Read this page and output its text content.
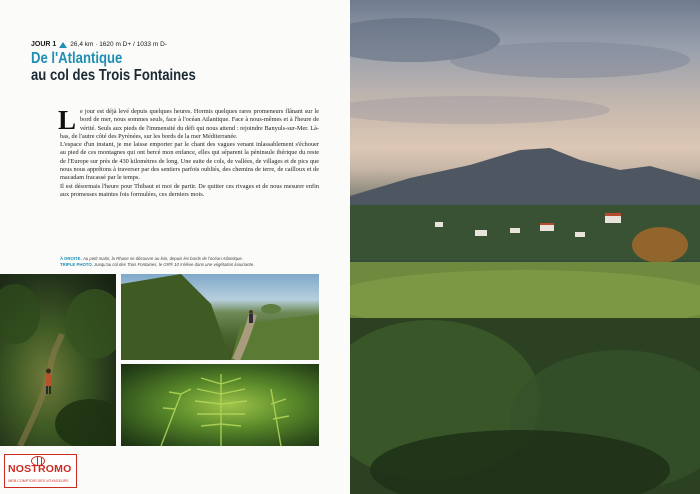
JOUR 1 26,4 km · 1620 m D+ / 1033 m D-
De l'Atlantique
au col des Trois Fontaines
L e jour est déjà levé depuis quelques heures. Hormis quelques rares promeneurs flânant sur le bord de mer, nous sommes seuls, face à l'océan Atlantique. Face à nous-mêmes et à l'heure de vérité. Seuls aux pieds de l'immensité du défi qui nous attend : rejoindre Banyuls-sur-Mer. Là-bas, de l'autre côté des Pyrénées, sur les bords de la mer Méditerranée.

L'espace d'un instant, je me laisse emporter par le chant des vagues venant inlassablement s'échouer au pied de ces montagnes qui ont bercé mon enfance, elles qui séparent la péninsule ibérique du reste de l'Europe sur près de 430 kilomètres de long. Une suite de cols, de vallées, de villages et de pics que nous nous apprêtons à traverser par des sentiers parfois oubliés, des chemins de terre, de cailloux et de macadam fracassé par le temps.

Il est désormais l'heure pour Thibaut et moi de partir. De quitter ces rivages et de nous mesurer enfin aux promesses maintes fois formulées, ces derniers mois.

À DROITE. Au petit matin, la Rhune se découvre au loin, depuis les bords de l'océan Atlantique.
TRIPLE PHOTO. Jusqu'au col des Trois Fontaines, le GR® 10 s'élève dans une végétation luxuriante.
NOSTROMO
WEB-COMPTOIR DES VOYAGEURS
